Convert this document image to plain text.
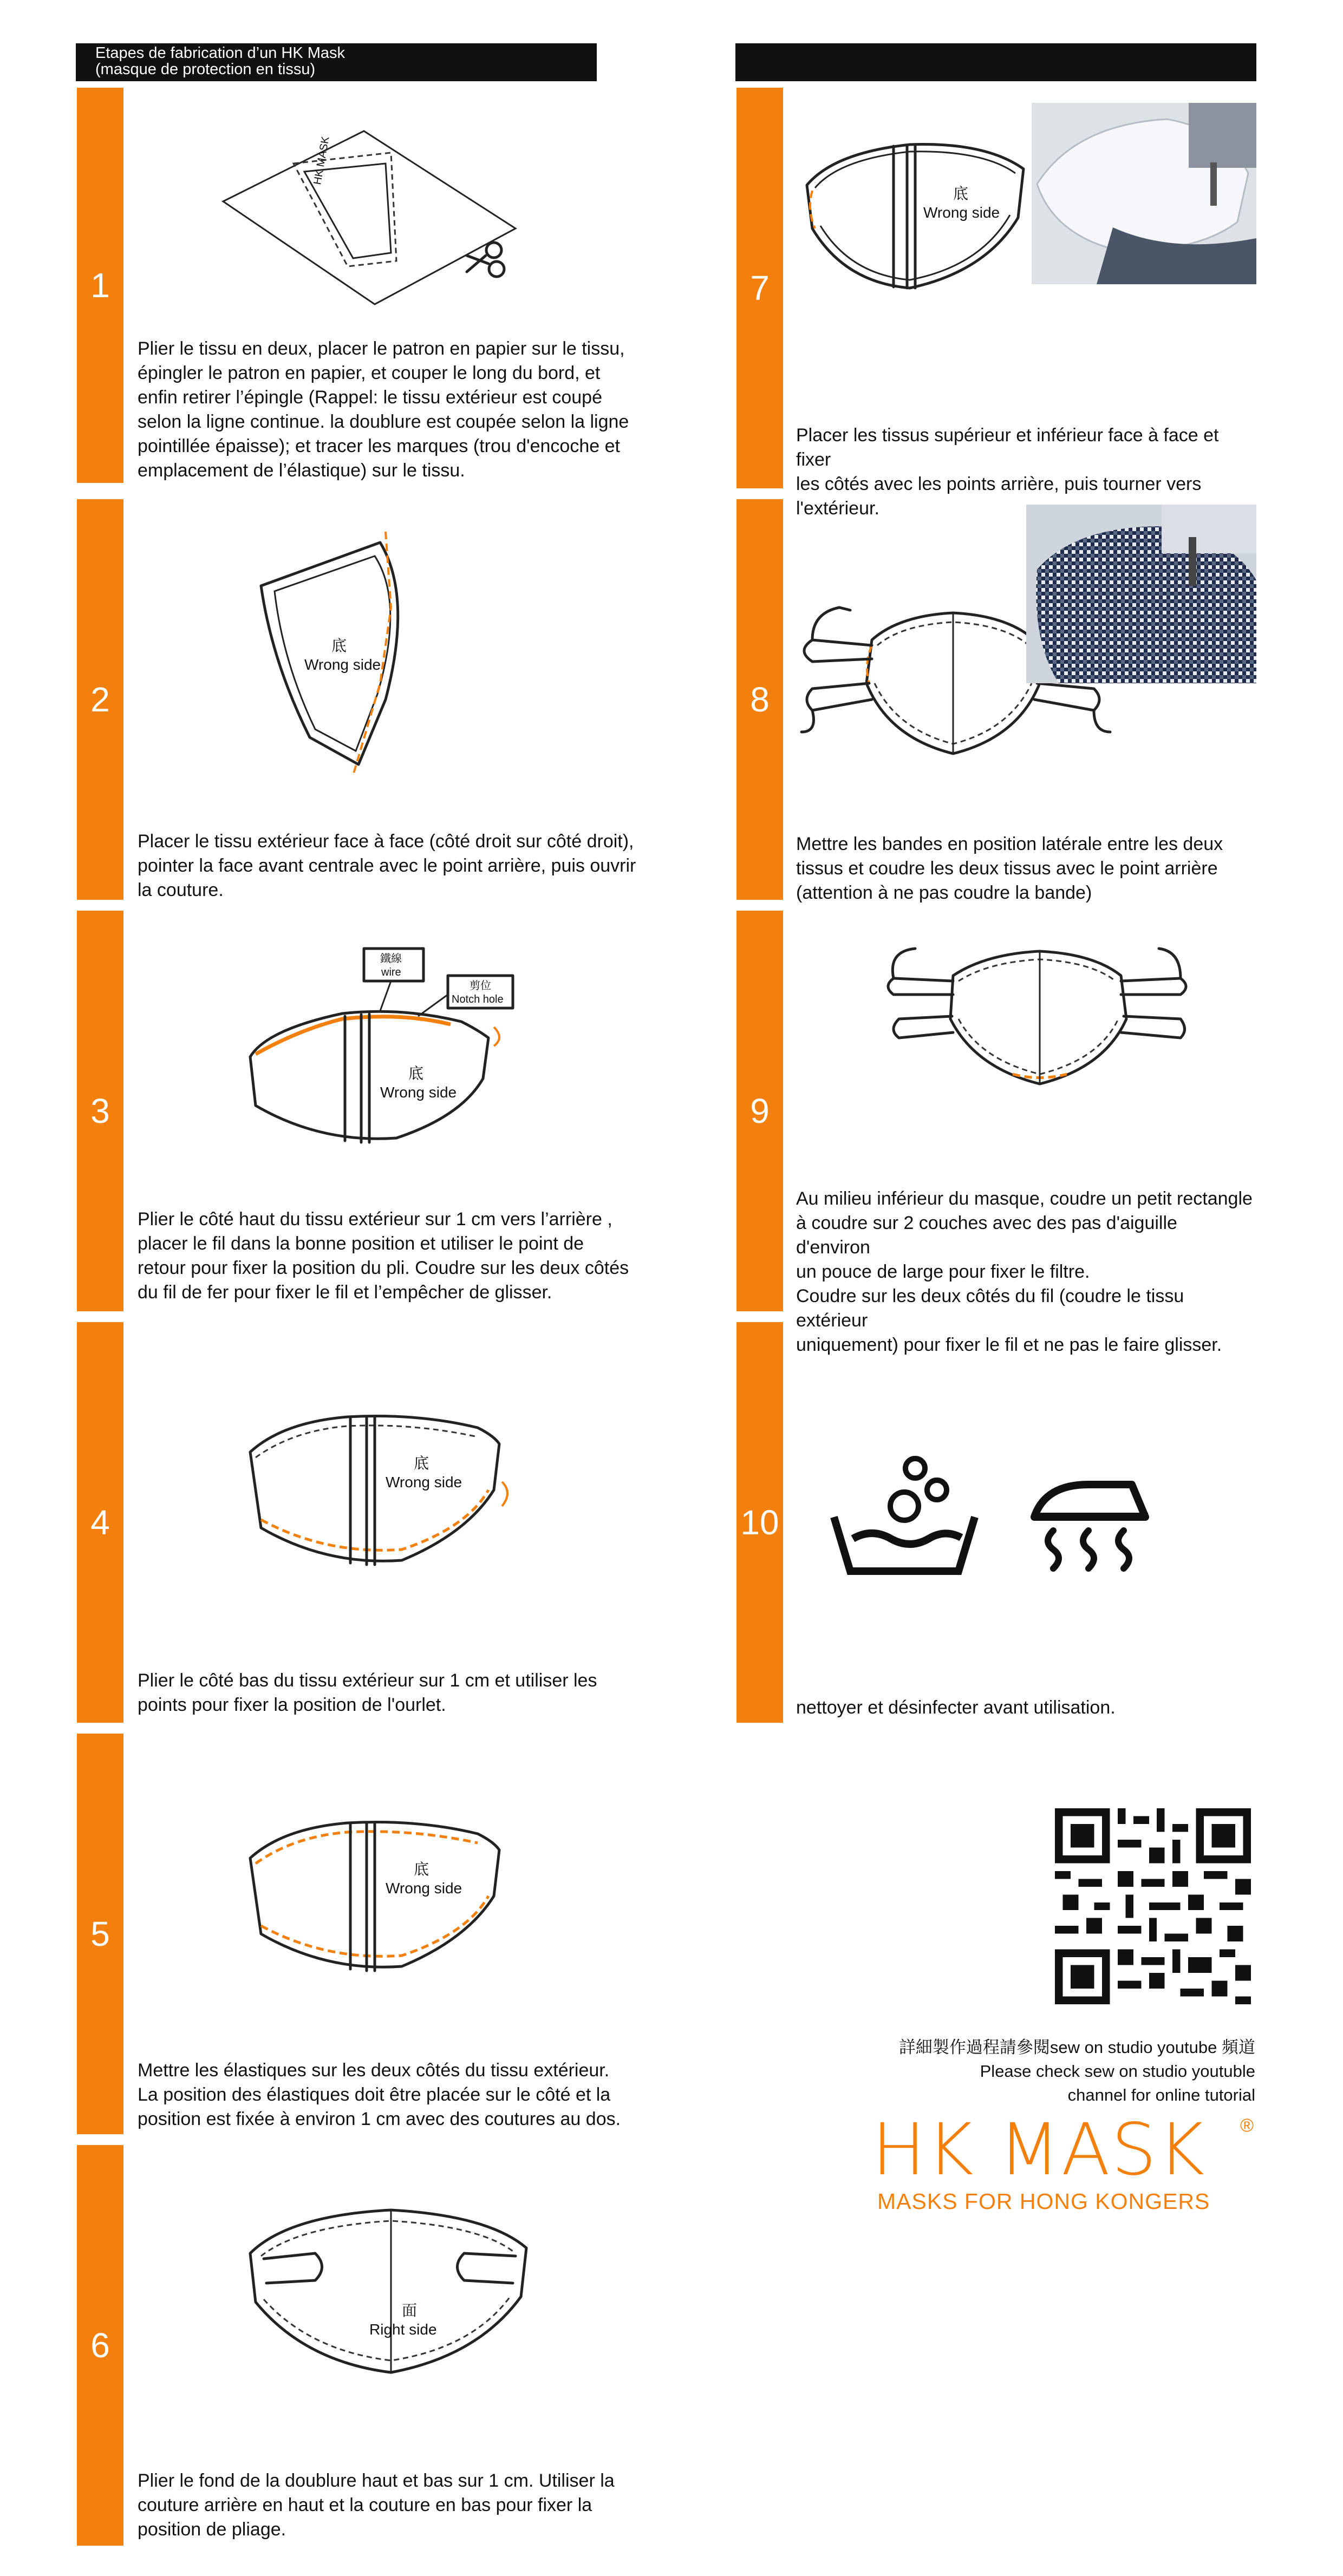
Etapes de fabrication d’un HK Mask
(masque de protection en tissu)
1
HK MASK
Plier le tissu en deux, placer le patron en papier sur le tissu,
épingler le patron en papier, et couper le long du bord, et
enfin retirer l’épingle (Rappel: le tissu extérieur est coupé
selon la ligne continue. la doublure est coupée selon la ligne
pointillée épaisse); et tracer les marques (trou d'encoche et
emplacement de l’élastique) sur le tissu.
2
底
Wrong side
Placer le tissu extérieur face à face (côté droit sur côté droit),
pointer la face avant centrale avec le point arrière, puis ouvrir
la couture.
3
鐵線
wire
剪位
Notch hole
底
Wrong side
Plier le côté haut du tissu extérieur sur 1 cm vers l’arrière ,
placer le fil dans la bonne position et utiliser le point de
retour pour fixer la position du pli. Coudre sur les deux côtés
du fil de fer pour fixer le fil et l’empêcher de glisser.
4
底
Wrong side
Plier le côté bas du tissu extérieur sur 1 cm et utiliser les
points pour fixer la position de l'ourlet.
5
底
Wrong side
Mettre les élastiques sur les deux côtés du tissu extérieur.
La position des élastiques doit être placée sur le côté et la
position est fixée à environ 1 cm avec des coutures au dos.
6
面
Right side
Plier le fond de la doublure haut et bas sur 1 cm. Utiliser la
couture arrière en haut et la couture en bas pour fixer la
position de pliage.
7
底
Wrong side
Placer les tissus supérieur et inférieur face à face et fixer
les côtés avec les points arrière, puis tourner vers
l'extérieur.
8
Mettre les bandes en position latérale entre les deux
tissus et coudre les deux tissus avec le point arrière
(attention à ne pas coudre la bande)
9
Au milieu inférieur du masque, coudre un petit rectangle
à coudre sur 2 couches avec des pas d'aiguille d'environ
un pouce de large pour fixer le filtre.
Coudre sur les deux côtés du fil (coudre le tissu extérieur
uniquement) pour fixer le fil et ne pas le faire glisser.
10
nettoyer et désinfecter avant utilisation.
詳細製作過程請參閱sew on studio youtube 頻道
Please check sew on studio youtuble
channel for online tutorial
HK MASK ®
MASKS FOR HONG KONGERS
